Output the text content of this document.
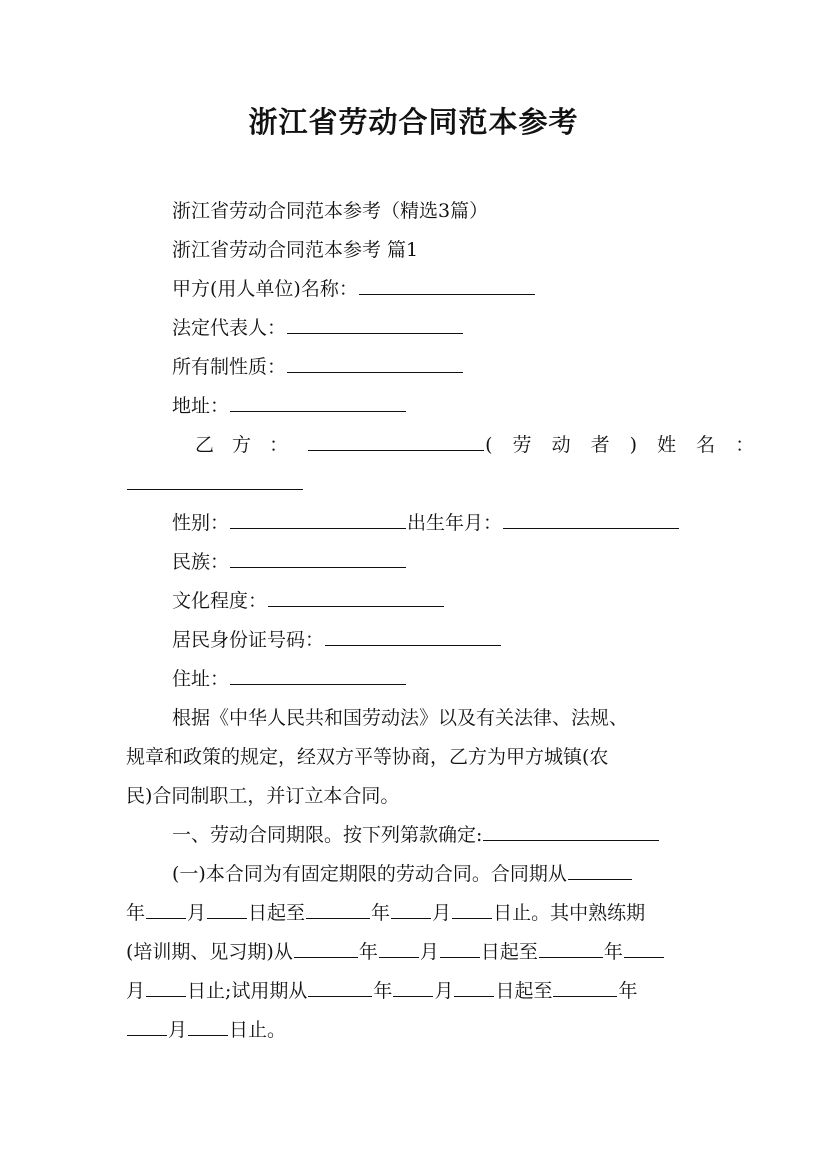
浙江省劳动合同范本参考

浙江省劳动合同范本参考（精选3篇）

浙江省劳动合同范本参考 篇1

甲方(用人单位)名称：

法定代表人：

所有制性质：

地址：

乙 方 ：	( 劳 动 者 ) 姓 名 ：

性别：	出生年月：

民族：

文化程度：

居民身份证号码：

住址：

根据《中华人民共和国劳动法》以及有关法律、法规、

规章和政策的规定，经双方平等协商，乙方为甲方城镇(农

民)合同制职工，并订立本合同。

一、劳动合同期限。按下列第款确定:

(一)本合同为有固定期限的劳动合同。合同期从

年 月 日起至	年 月 日止。其中熟练期

(培训期、见习期)从	年 月 日起至	年

月 日止;试用期从	年 月 日起至	年

月 日止。
